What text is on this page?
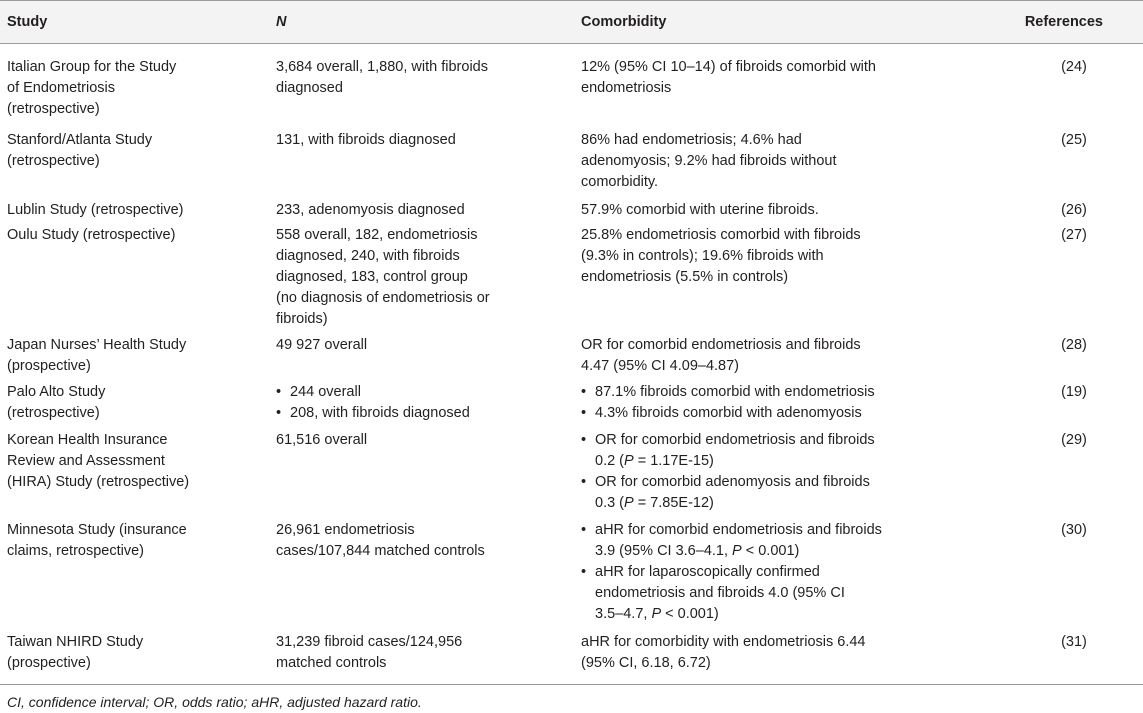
Study	N	Comorbidity	References
Italian Group for the Study
of Endometriosis
(retrospective)
3,684 overall, 1,880, with fibroids
diagnosed
12% (95% CI 10–14) of fibroids comorbid with
endometriosis
(24)
Stanford/Atlanta Study
(retrospective)
131, with fibroids diagnosed	86% had endometriosis; 4.6% had
adenomyosis; 9.2% had fibroids without
comorbidity.
(25)
Lublin Study (retrospective)	233, adenomyosis diagnosed	57.9% comorbid with uterine fibroids.	(26)
Oulu Study (retrospective)	558 overall, 182, endometriosis
diagnosed, 240, with fibroids
diagnosed, 183, control group
(no diagnosis of endometriosis or
fibroids)
25.8% endometriosis comorbid with fibroids
(9.3% in controls); 19.6% fibroids with
endometriosis (5.5% in controls)
(27)
Japan Nurses’ Health Study
(prospective)
49 927 overall	OR for comorbid endometriosis and fibroids
4.47 (95% CI 4.09–4.87)
(28)
Palo Alto Study
(retrospective)
• 244 overall
• 208, with fibroids diagnosed
• 87.1% fibroids comorbid with endometriosis
• 4.3% fibroids comorbid with adenomyosis
(19)
Korean Health Insurance
Review and Assessment
(HIRA) Study (retrospective)
61,516 overall
•	OR for comorbid endometriosis and fibroids
0.2 (P = 1.17E-15)
• OR for comorbid adenomyosis and fibroids
0.3 (P = 7.85E-12)
(29)
Minnesota Study (insurance
claims, retrospective)
26,961 endometriosis
cases/107,844 matched controls
• aHR for comorbid endometriosis and fibroids
3.9 (95% CI 3.6–4.1, P < 0.001)
• aHR for laparoscopically confirmed
endometriosis and fibroids 4.0 (95% CI
3.5–4.7, P < 0.001)
(30)
Taiwan NHIRD Study
(prospective)
31,239 fibroid cases/124,956
matched controls
aHR for comorbidity with endometriosis 6.44
(95% CI, 6.18, 6.72)
(31)
CI, confidence interval; OR, odds ratio; aHR, adjusted hazard ratio.
